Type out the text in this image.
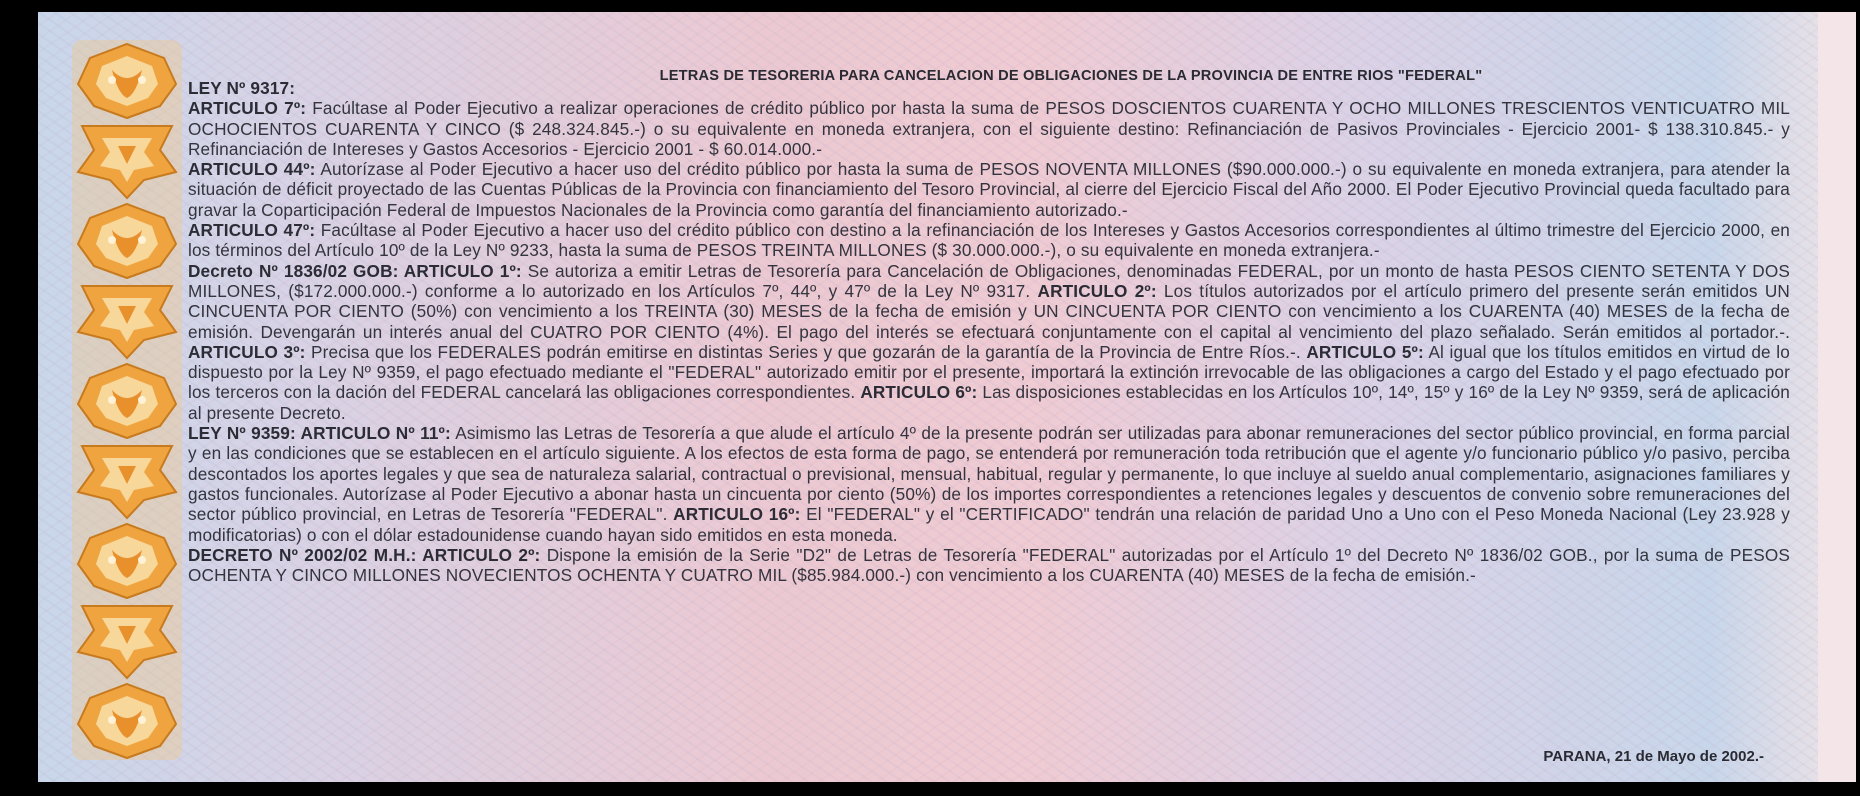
LETRAS DE TESORERIA PARA CANCELACION DE OBLIGACIONES DE LA PROVINCIA DE ENTRE RIOS "FEDERAL"

LEY Nº 9317:

ARTICULO 7º: Facúltase al Poder Ejecutivo a realizar operaciones de crédito público por hasta la suma de PESOS DOSCIENTOS CUARENTA Y OCHO MILLONES TRESCIENTOS VENTICUATRO MIL OCHOCIENTOS CUARENTA Y CINCO ($ 248.324.845.-) o su equivalente en moneda extranjera, con el siguiente destino: Refinanciación de Pasivos Provinciales - Ejercicio 2001- $ 138.310.845.- y Refinanciación de Intereses y Gastos Accesorios - Ejercicio 2001 - $ 60.014.000.-

ARTICULO 44º: Autorízase al Poder Ejecutivo a hacer uso del crédito público por hasta la suma de PESOS NOVENTA MILLONES ($90.000.000.-) o su equivalente en moneda extranjera, para atender la situación de déficit proyectado de las Cuentas Públicas de la Provincia con financiamiento del Tesoro Provincial, al cierre del Ejercicio Fiscal del Año 2000. El Poder Ejecutivo Provincial queda facultado para gravar la Coparticipación Federal de Impuestos Nacionales de la Provincia como garantía del financiamiento autorizado.-

ARTICULO 47º: Facúltase al Poder Ejecutivo a hacer uso del crédito público con destino a la refinanciación de los Intereses y Gastos Accesorios correspondientes al último trimestre del Ejercicio 2000, en los términos del Artículo 10º de la Ley Nº 9233, hasta la suma de PESOS TREINTA MILLONES ($ 30.000.000.-), o su equivalente en moneda extranjera.-

Decreto Nº 1836/02 GOB: ARTICULO 1º: Se autoriza a emitir Letras de Tesorería para Cancelación de Obligaciones, denominadas FEDERAL, por un monto de hasta PESOS CIENTO SETENTA Y DOS MILLONES, ($172.000.000.-) conforme a lo autorizado en los Artículos 7º, 44º, y 47º de la Ley Nº 9317. ARTICULO 2º: Los títulos autorizados por el artículo primero del presente serán emitidos UN CINCUENTA POR CIENTO (50%) con vencimiento a los TREINTA (30) MESES de la fecha de emisión y UN CINCUENTA POR CIENTO con vencimiento a los CUARENTA (40) MESES de la fecha de emisión. Devengarán un interés anual del CUATRO POR CIENTO (4%). El pago del interés se efectuará conjuntamente con el capital al vencimiento del plazo señalado. Serán emitidos al portador.-. ARTICULO 3º: Precisa que los FEDERALES podrán emitirse en distintas Series y que gozarán de la garantía de la Provincia de Entre Ríos.-. ARTICULO 5º: Al igual que los títulos emitidos en virtud de lo dispuesto por la Ley Nº 9359, el pago efectuado mediante el "FEDERAL" autorizado emitir por el presente, importará la extinción irrevocable de las obligaciones a cargo del Estado y el pago efectuado por los terceros con la dación del FEDERAL cancelará las obligaciones correspondientes. ARTICULO 6º: Las disposiciones establecidas en los Artículos 10º, 14º, 15º y 16º de la Ley Nº 9359, será de aplicación al presente Decreto.

LEY Nº 9359: ARTICULO Nº 11º: Asimismo las Letras de Tesorería a que alude el artículo 4º de la presente podrán ser utilizadas para abonar remuneraciones del sector público provincial, en forma parcial y en las condiciones que se establecen en el artículo siguiente. A los efectos de esta forma de pago, se entenderá por remuneración toda retribución que el agente y/o funcionario público y/o pasivo, perciba descontados los aportes legales y que sea de naturaleza salarial, contractual o previsional, mensual, habitual, regular y permanente, lo que incluye al sueldo anual complementario, asignaciones familiares y gastos funcionales. Autorízase al Poder Ejecutivo a abonar hasta un cincuenta por ciento (50%) de los importes correspondientes a retenciones legales y descuentos de convenio sobre remuneraciones del sector público provincial, en Letras de Tesorería "FEDERAL". ARTICULO 16º: El "FEDERAL" y el "CERTIFICADO" tendrán una relación de paridad Uno a Uno con el Peso Moneda Nacional (Ley 23.928 y modificatorias) o con el dólar estadounidense cuando hayan sido emitidos en esta moneda.

DECRETO Nº 2002/02 M.H.: ARTICULO 2º: Dispone la emisión de la Serie "D2" de Letras de Tesorería "FEDERAL" autorizadas por el Artículo 1º del Decreto Nº 1836/02 GOB., por la suma de PESOS OCHENTA Y CINCO MILLONES NOVECIENTOS OCHENTA Y CUATRO MIL ($85.984.000.-) con vencimiento a los CUARENTA (40) MESES de la fecha de emisión.-

PARANA, 21 de Mayo de 2002.-
